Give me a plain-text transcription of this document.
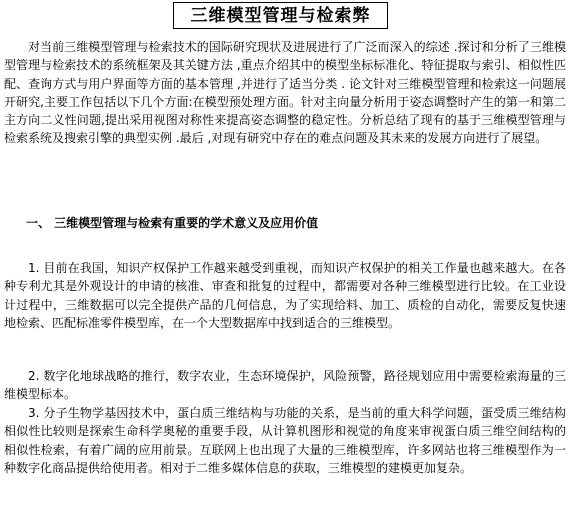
三维模型管理与检索弊

对当前三维模型管理与检索技术的国际研究现状及进展进行了广泛而深入的综述 .探讨和分析了三维模型管理与检索技术的系统框架及其关键方法 ,重点介绍其中的模型坐标标准化、特征提取与索引、相似性匹配、查询方式与用户界面等方面的基本管理 ,并进行了适当分类 . 论文针对三维模型管理和检索这一问题展开研究,主要工作包括以下几个方面:在模型预处理方面。针对主向量分析用于姿态调整时产生的第一和第二主方向二义性问题,提出采用视图对称性来提高姿态调整的稳定性。分析总结了现有的基于三维模型管理与检索系统及搜索引擎的典型实例 .最后 ,对现有研究中存在的难点问题及其未来的发展方向进行了展望。

一、 三维模型管理与检索有重要的学术意义及应用价值

1. 目前在我国，知识产权保护工作越来越受到重视，而知识产权保护的相关工作量也越来越大。在各种专利尤其是外观设计的申请的核准、审查和批复的过程中，都需要对各种三维模型进行比较。在工业设计过程中，三维数据可以完全提供产品的几何信息，为了实现给料、加工、质检的自动化，需要反复快速地检索、匹配标准零件模型库，在一个大型数据库中找到适合的三维模型。

2. 数字化地球战略的推行，数字农业，生态环境保护，风险预警，路径规划应用中需要检索海量的三维模型标本。

3. 分子生物学基因技术中，蛋白质三维结构与功能的关系，是当前的重大科学问题，蛋受质三维结构相似性比较则是探索生命科学奥秘的重要手段，从计算机图形和视觉的角度来审视蛋白质三维空间结构的相似性检索，有着广阔的应用前景。互联网上也出现了大量的三维模型库，许多网站也将三维模型作为一种数字化商品提供给使用者。相对于二维多媒体信息的获取，三维模型的建模更加复杂。
